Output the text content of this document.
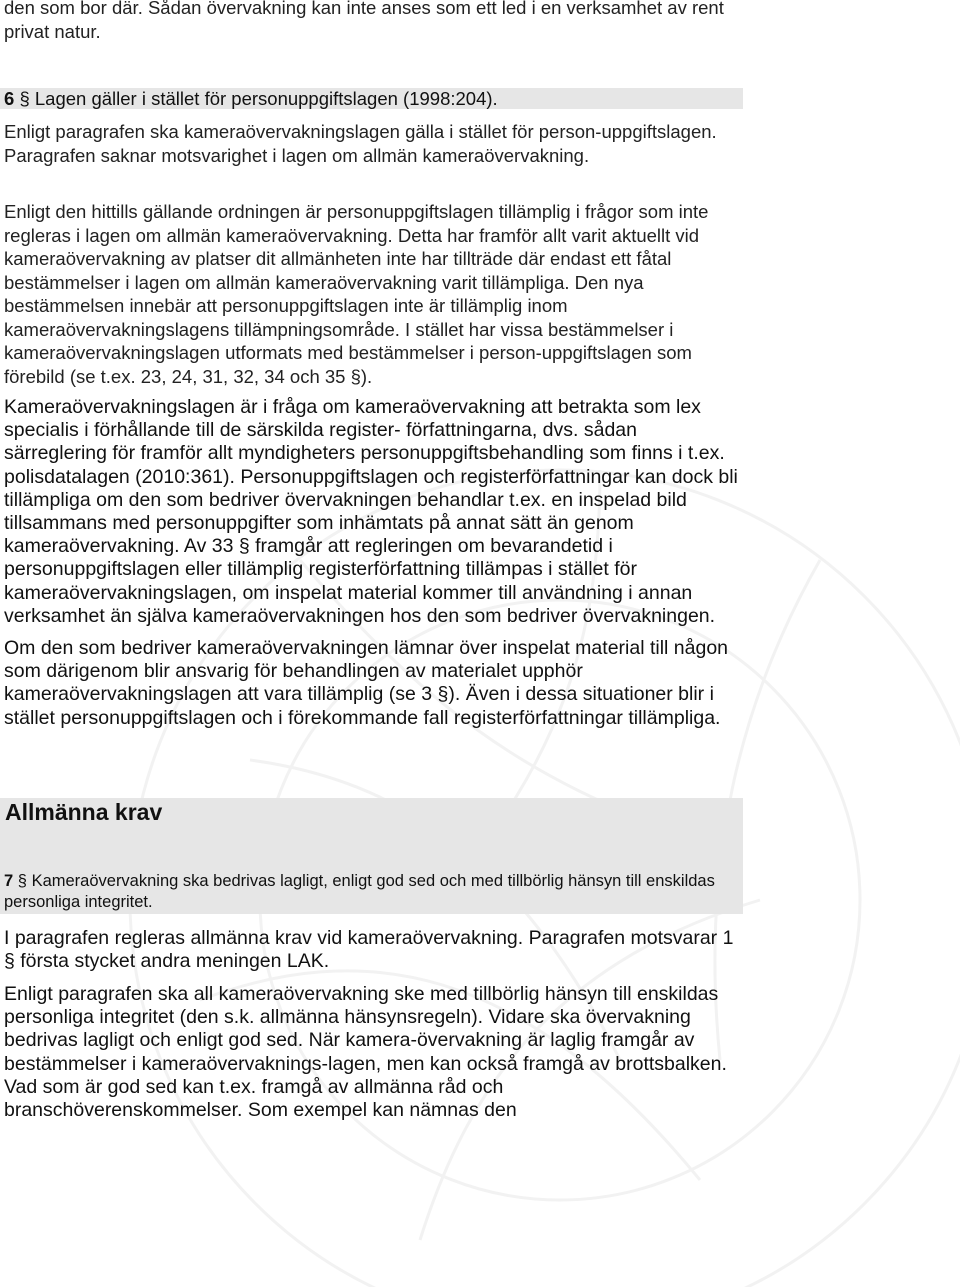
den som bor där. Sådan övervakning kan inte anses som ett led i en verksamhet av rent privat natur.

6 § Lagen gäller i stället för personuppgiftslagen (1998:204).

Enligt paragrafen ska kameraövervakningslagen gälla i stället för person-uppgiftslagen. Paragrafen saknar motsvarighet i lagen om allmän kameraövervakning.

Enligt den hittills gällande ordningen är personuppgiftslagen tillämplig i frågor som inte regleras i lagen om allmän kameraövervakning. Detta har framför allt varit aktuellt vid kameraövervakning av platser dit allmänheten inte har tillträde där endast ett fåtal bestämmelser i lagen om allmän kameraövervakning varit tillämpliga. Den nya bestämmelsen innebär att personuppgiftslagen inte är tillämplig inom kameraövervakningslagens tillämpningsområde. I stället har vissa bestämmelser i kameraövervakningslagen utformats med bestämmelser i person-uppgiftslagen som förebild (se t.ex. 23, 24, 31, 32, 34 och 35 §).

Kameraövervakningslagen är i fråga om kameraövervakning att betrakta som lex specialis i förhållande till de särskilda register- författningarna, dvs. sådan särreglering för framför allt myndigheters personuppgiftsbehandling som finns i t.ex. polisdatalagen (2010:361). Personuppgiftslagen och registerförfattningar kan dock bli tillämpliga om den som bedriver övervakningen behandlar t.ex. en inspelad bild tillsammans med personuppgifter som inhämtats på annat sätt än genom kameraövervakning. Av 33 § framgår att regleringen om bevarandetid i personuppgiftslagen eller tillämplig registerförfattning tillämpas i stället för kameraövervakningslagen, om inspelat material kommer till användning i annan verksamhet än själva kameraövervakningen hos den som bedriver övervakningen.

Om den som bedriver kameraövervakningen lämnar över inspelat material till någon som därigenom blir ansvarig för behandlingen av materialet upphör kameraövervakningslagen att vara tillämplig (se 3 §). Även i dessa situationer blir i stället personuppgiftslagen och i förekommande fall registerförfattningar tillämpliga.

Allmänna krav

7 § Kameraövervakning ska bedrivas lagligt, enligt god sed och med tillbörlig hänsyn till enskildas personliga integritet.

I paragrafen regleras allmänna krav vid kameraövervakning. Paragrafen motsvarar 1 § första stycket andra meningen LAK.

Enligt paragrafen ska all kameraövervakning ske med tillbörlig hänsyn till enskildas personliga integritet (den s.k. allmänna hänsynsregeln). Vidare ska övervakning bedrivas lagligt och enligt god sed. När kamera-övervakning är laglig framgår av bestämmelser i kameraövervaknings-lagen, men kan också framgå av brottsbalken. Vad som är god sed kan t.ex. framgå av allmänna råd och branschöverenskommelser. Som exempel kan nämnas den
